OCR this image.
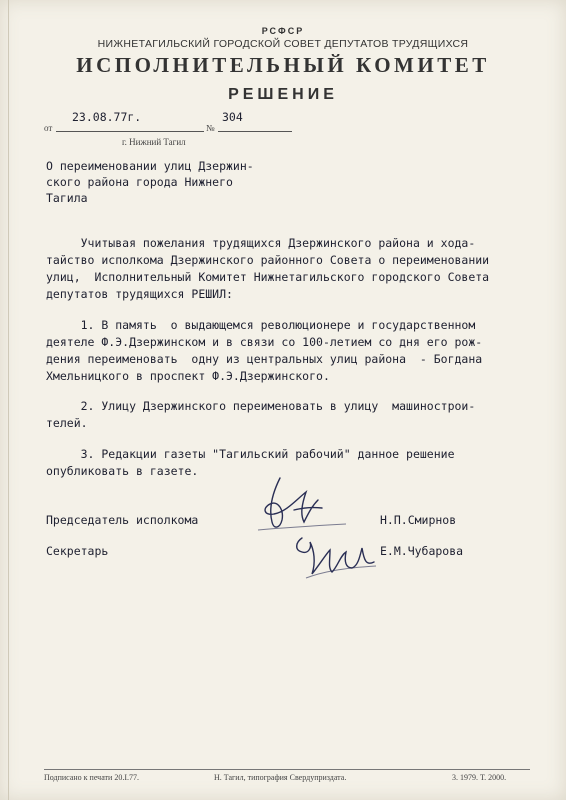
РСФСР
НИЖНЕТАГИЛЬСКИЙ ГОРОДСКОЙ СОВЕТ ДЕПУТАТОВ ТРУДЯЩИХСЯ
ИСПОЛНИТЕЛЬНЫЙ КОМИТЕТ
РЕШЕНИЕ
от
23.08.77г.
№
304
г. Нижний Тагил
О переименовании улиц Дзержин-
ского района города Нижнего
Тагила
Учитывая пожелания трудящихся Дзержинского района и хода-
тайство исполкома Дзержинского районного Совета о переименовании
улиц,  Исполнительный Комитет Нижнетагильского городского Совета
депутатов трудящихся РЕШИЛ:
1. В память  о выдающемся революционере и государственном
деятеле Ф.Э.Дзержинском и в связи со 100-летием со дня его рож-
дения переименовать  одну из центральных улиц района  - Богдана
Хмельницкого в проспект Ф.Э.Дзержинского.
2. Улицу Дзержинского переименовать в улицу  машинострои-
телей.
3. Редакции газеты "Тагильский рабочий" данное решение
опубликовать в газете.
Председатель исполкома	Н.П.Смирнов
Секретарь	Е.М.Чубарова
Подписано к печати 20.I.77.	Н. Тагил, типография Свердуприздата.	3. 1979. Т. 2000.
